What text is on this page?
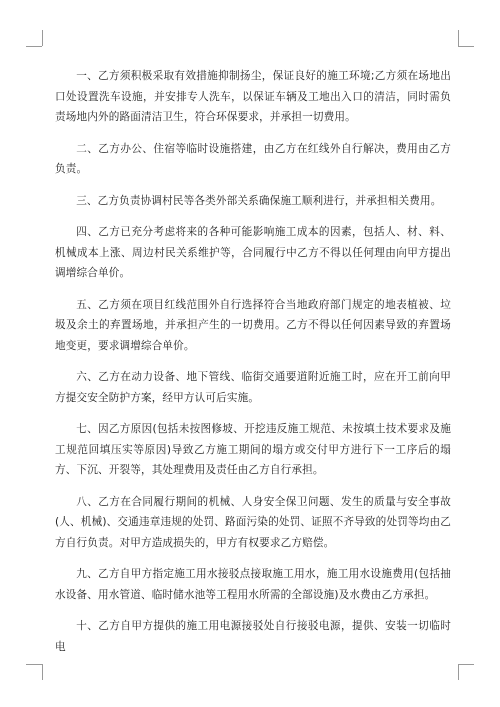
一、乙方须积极采取有效措施抑制扬尘，保证良好的施工环境;乙方须在场地出口处设置洗车设施，并安排专人洗车，以保证车辆及工地出入口的清洁，同时需负责场地内外的路面清洁卫生，符合环保要求，并承担一切费用。

二、乙方办公、住宿等临时设施搭建，由乙方在红线外自行解决，费用由乙方负责。

三、乙方负责协调村民等各类外部关系确保施工顺利进行，并承担相关费用。

四、乙方已充分考虑将来的各种可能影响施工成本的因素，包括人、材、料、机械成本上涨、周边村民关系维护等，合同履行中乙方不得以任何理由向甲方提出调增综合单价。

五、乙方须在项目红线范围外自行选择符合当地政府部门规定的地表植被、垃圾及余土的弃置场地，并承担产生的一切费用。乙方不得以任何因素导致的弃置场地变更，要求调增综合单价。

六、乙方在动力设备、地下管线、临街交通要道附近施工时，应在开工前向甲方提交安全防护方案，经甲方认可后实施。

七、因乙方原因(包括未按图修坡、开挖违反施工规范、未按填土技术要求及施工规范回填压实等原因)导致乙方施工期间的塌方或交付甲方进行下一工序后的塌方、下沉、开裂等，其处理费用及责任由乙方自行承担。

八、乙方在合同履行期间的机械、人身安全保卫问题、发生的质量与安全事故(人、机械)、交通违章违规的处罚、路面污染的处罚、证照不齐导致的处罚等均由乙方自行负责。对甲方造成损失的，甲方有权要求乙方赔偿。

九、乙方自甲方指定施工用水接驳点接取施工用水，施工用水设施费用(包括抽水设备、用水管道、临时储水池等工程用水所需的全部设施)及水费由乙方承担。

十、乙方自甲方提供的施工用电源接驳处自行接驳电源，提供、安装一切临时电
